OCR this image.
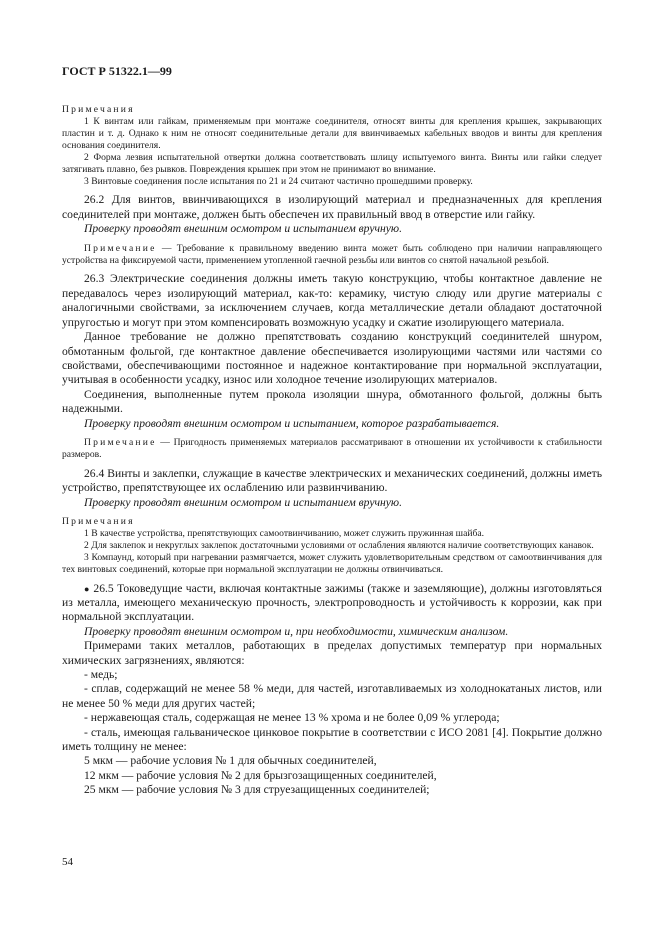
ГОСТ Р 51322.1—99

Примечания

1 К винтам или гайкам, применяемым при монтаже соединителя, относят винты для крепления крышек, закрывающих пластин и т. д. Однако к ним не относят соединительные детали для ввинчиваемых кабельных вводов и винты для крепления основания соединителя.

2 Форма лезвия испытательной отвертки должна соответствовать шлицу испытуемого винта. Винты или гайки следует затягивать плавно, без рывков. Повреждения крышек при этом не принимают во внимание.

3 Винтовые соединения после испытания по 21 и 24 считают частично прошедшими проверку.

26.2 Для винтов, ввинчивающихся в изолирующий материал и предназначенных для крепления соединителей при монтаже, должен быть обеспечен их правильный ввод в отверстие или гайку.

Проверку проводят внешним осмотром и испытанием вручную.

Примечание — Требование к правильному введению винта может быть соблюдено при наличии направляющего устройства на фиксируемой части, применением утопленной гаечной резьбы или винтов со снятой начальной резьбой.

26.3 Электрические соединения должны иметь такую конструкцию, чтобы контактное давление не передавалось через изолирующий материал, как-то: керамику, чистую слюду или другие материалы с аналогичными свойствами, за исключением случаев, когда металлические детали обладают достаточной упругостью и могут при этом компенсировать возможную усадку и сжатие изолирующего материала.

Данное требование не должно препятствовать созданию конструкций соединителей шнуром, обмотанным фольгой, где контактное давление обеспечивается изолирующими частями или частями со свойствами, обеспечивающими постоянное и надежное контактирование при нормальной эксплуатации, учитывая в особенности усадку, износ или холодное течение изолирующих материалов.

Соединения, выполненные путем прокола изоляции шнура, обмотанного фольгой, должны быть надежными.

Проверку проводят внешним осмотром и испытанием, которое разрабатывается.

Примечание — Пригодность применяемых материалов рассматривают в отношении их устойчивости к стабильности размеров.

26.4 Винты и заклепки, служащие в качестве электрических и механических соединений, должны иметь устройство, препятствующее их ослаблению или развинчиванию.

Проверку проводят внешним осмотром и испытанием вручную.

Примечания

1 В качестве устройства, препятствующих самоотвинчиванию, может служить пружинная шайба.

2 Для заклепок и некруглых заклепок достаточными условиями от ослабления являются наличие соответствующих канавок.

3 Компаунд, который при нагревании размягчается, может служить удовлетворительным средством от самоотвинчивания для тех винтовых соединений, которые при нормальной эксплуатации не должны отвинчиваться.

● 26.5 Токоведущие части, включая контактные зажимы (также и заземляющие), должны изготовляться из металла, имеющего механическую прочность, электропроводность и устойчивость к коррозии, как при нормальной эксплуатации.

Проверку проводят внешним осмотром и, при необходимости, химическим анализом.

Примерами таких металлов, работающих в пределах допустимых температур при нормальных химических загрязнениях, являются:

- медь;

- сплав, содержащий не менее 58 % меди, для частей, изготавливаемых из холоднокатаных листов, или не менее 50 % меди для других частей;

- нержавеющая сталь, содержащая не менее 13 % хрома и не более 0,09 % углерода;

- сталь, имеющая гальваническое цинковое покрытие в соответствии с ИСО 2081 [4]. Покрытие должно иметь толщину не менее:

5 мкм — рабочие условия № 1 для обычных соединителей,

12 мкм — рабочие условия № 2 для брызгозащищенных соединителей,

25 мкм — рабочие условия № 3 для струезащищенных соединителей;

54
